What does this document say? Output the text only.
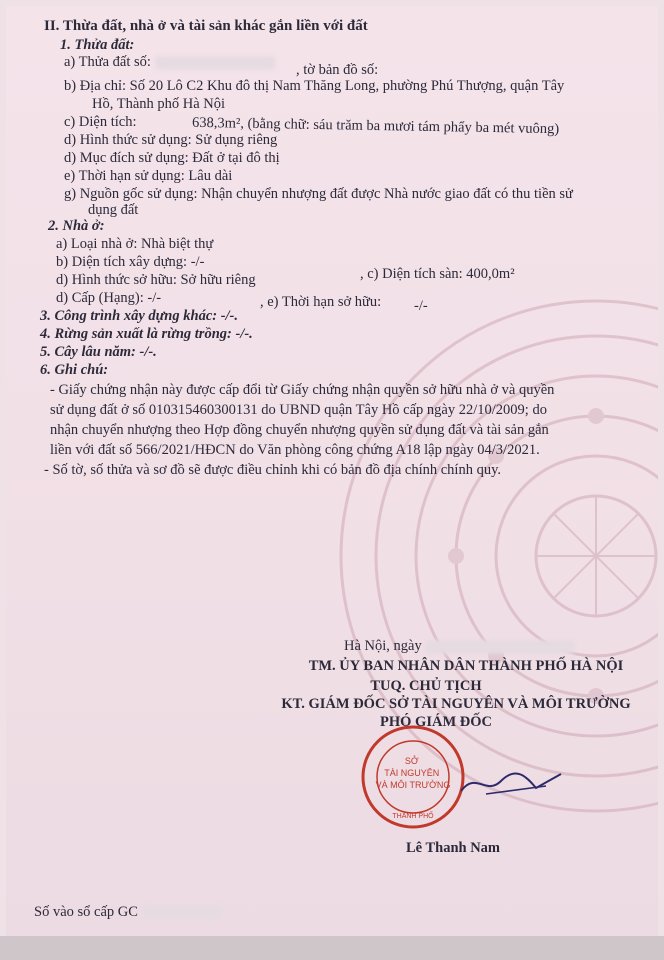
II. Thừa đất, nhà ở và tài sản khác gắn liền với đất
1. Thửa đất:
a) Thửa đất số:	, tờ bản đồ số:
b) Địa chỉ: Số 20 Lô C2 Khu đô thị Nam Thăng Long, phường Phú Thượng, quận Tây
Hồ, Thành phố Hà Nội
c) Diện tích:	638,3m², (bằng chữ: sáu trăm ba mươi tám phẩy ba mét vuông)
d) Hình thức sử dụng: Sử dụng riêng
d) Mục đích sử dụng: Đất ở tại đô thị
e) Thời hạn sử dụng: Lâu dài
g) Nguồn gốc sử dụng: Nhận chuyển nhượng đất được Nhà nước giao đất có thu tiền sử
dụng đất
2. Nhà ở:
a) Loại nhà ở: Nhà biệt thự
b) Diện tích xây dựng: -/-
, c) Diện tích sàn: 400,0m²
d) Hình thức sở hữu: Sở hữu riêng
d) Cấp (Hạng): -/-	, e) Thời hạn sở hữu: -/-
3. Công trình xây dựng khác: -/-.
4. Rừng sản xuất là rừng trồng: -/-.
5. Cây lâu năm: -/-.
6. Ghi chú:
- Giấy chứng nhận này được cấp đổi từ Giấy chứng nhận quyền sở hữu nhà ở và quyền
sử dụng đất ở số 010315460300131 do UBND quận Tây Hồ cấp ngày 22/10/2009; do
nhận chuyển nhượng theo Hợp đồng chuyển nhượng quyền sử dụng đất và tài sản gắn
liền với đất số 566/2021/HĐCN do Văn phòng công chứng A18 lập ngày 04/3/2021.
- Số tờ, số thửa và sơ đồ sẽ được điều chỉnh khi có bản đồ địa chính chính quy.
Hà Nội, ngày
TM. ỦY BAN NHÂN DÂN THÀNH PHỐ HÀ NỘI
TUQ. CHỦ TỊCH
KT. GIÁM ĐỐC SỞ TÀI NGUYÊN VÀ MÔI TRƯỜNG
PHÓ GIÁM ĐỐC
SỞ TÀI NGUYÊN VÀ MÔI TRƯỜNG
THÀNH PHỐ
Lê Thanh Nam
Số vào sổ cấp GC
